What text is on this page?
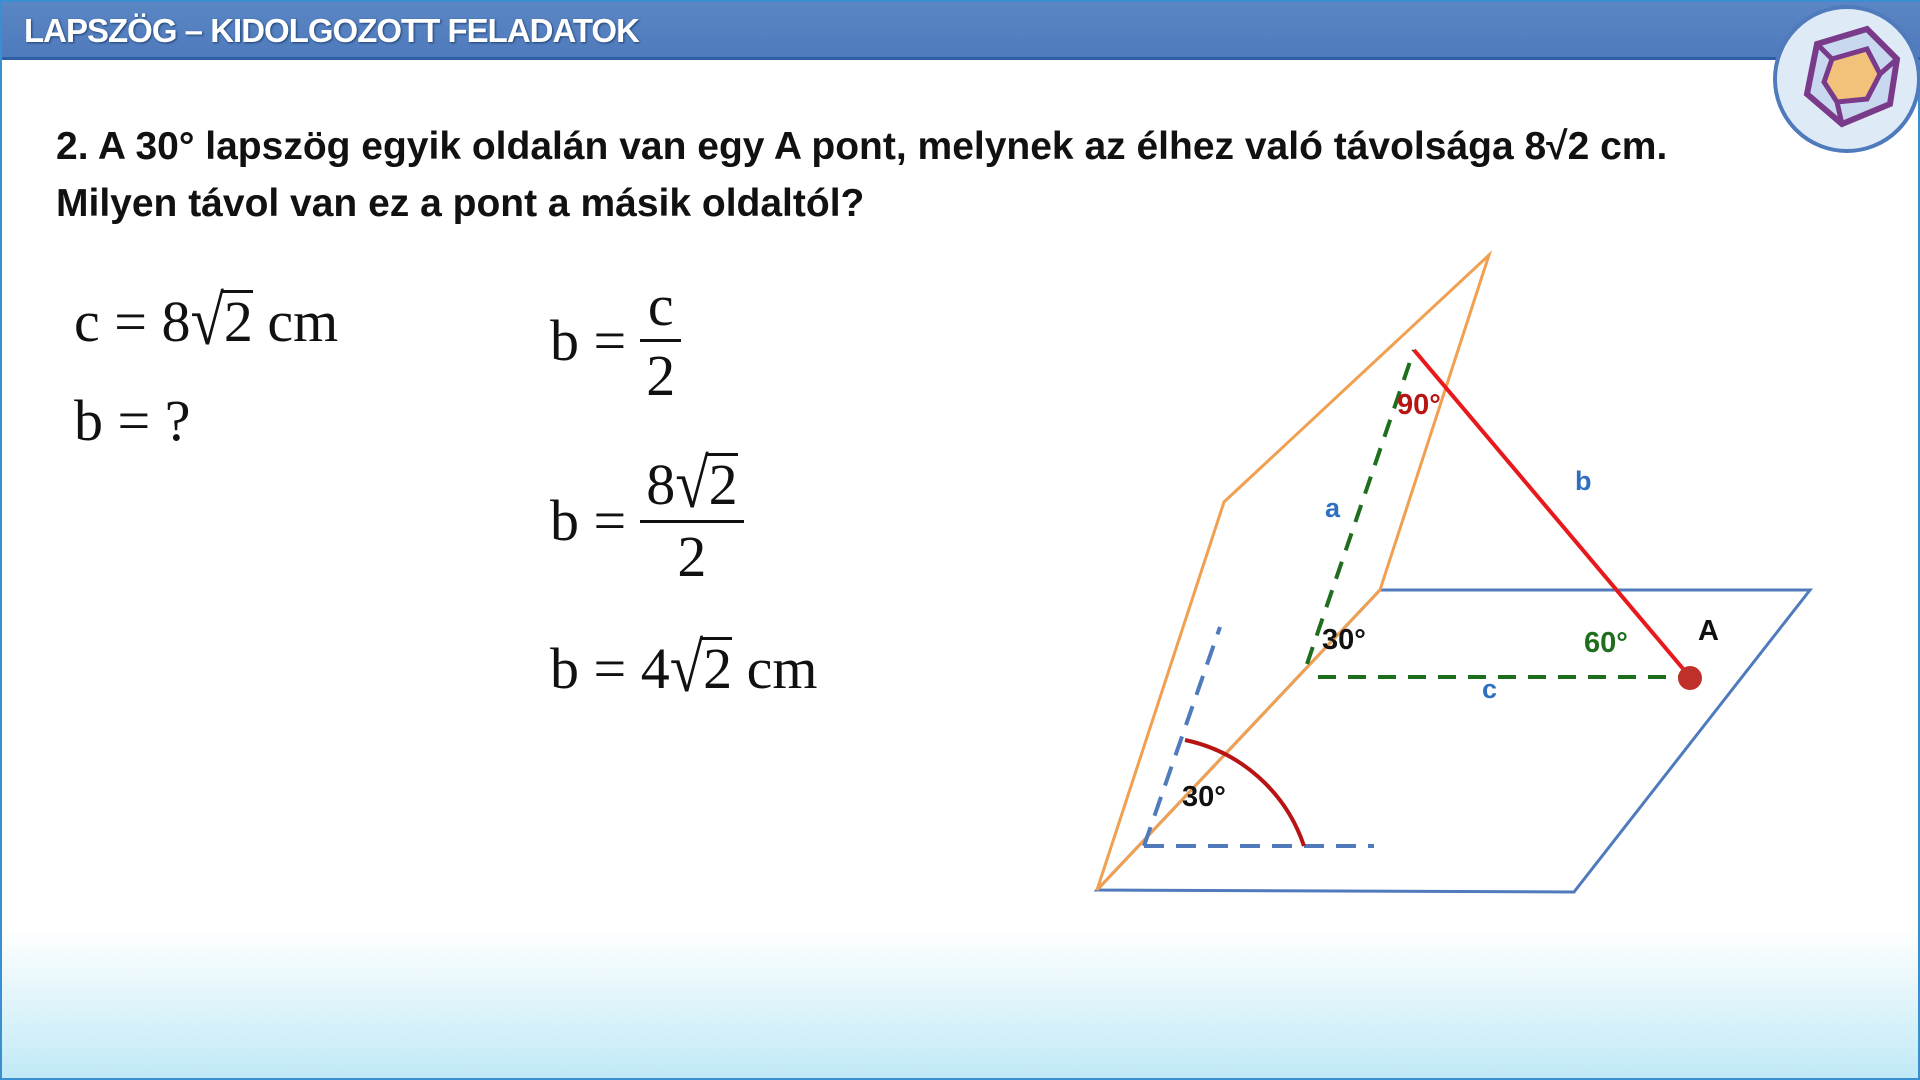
LAPSZÖG – KIDOLGOZOTT FELADATOK
2. A 30° lapszög egyik oldalán van egy A pont, melynek az élhez való távolsága 8√2 cm.
Milyen távol van ez a pont a másik oldaltól?
c = 8√2 cm
b = ?
$b = \frac{c}{2}$
$b = \frac{8√2}{2}$
b = 4√2 cm
a
b
c
A
90°
60°
30°
30°
